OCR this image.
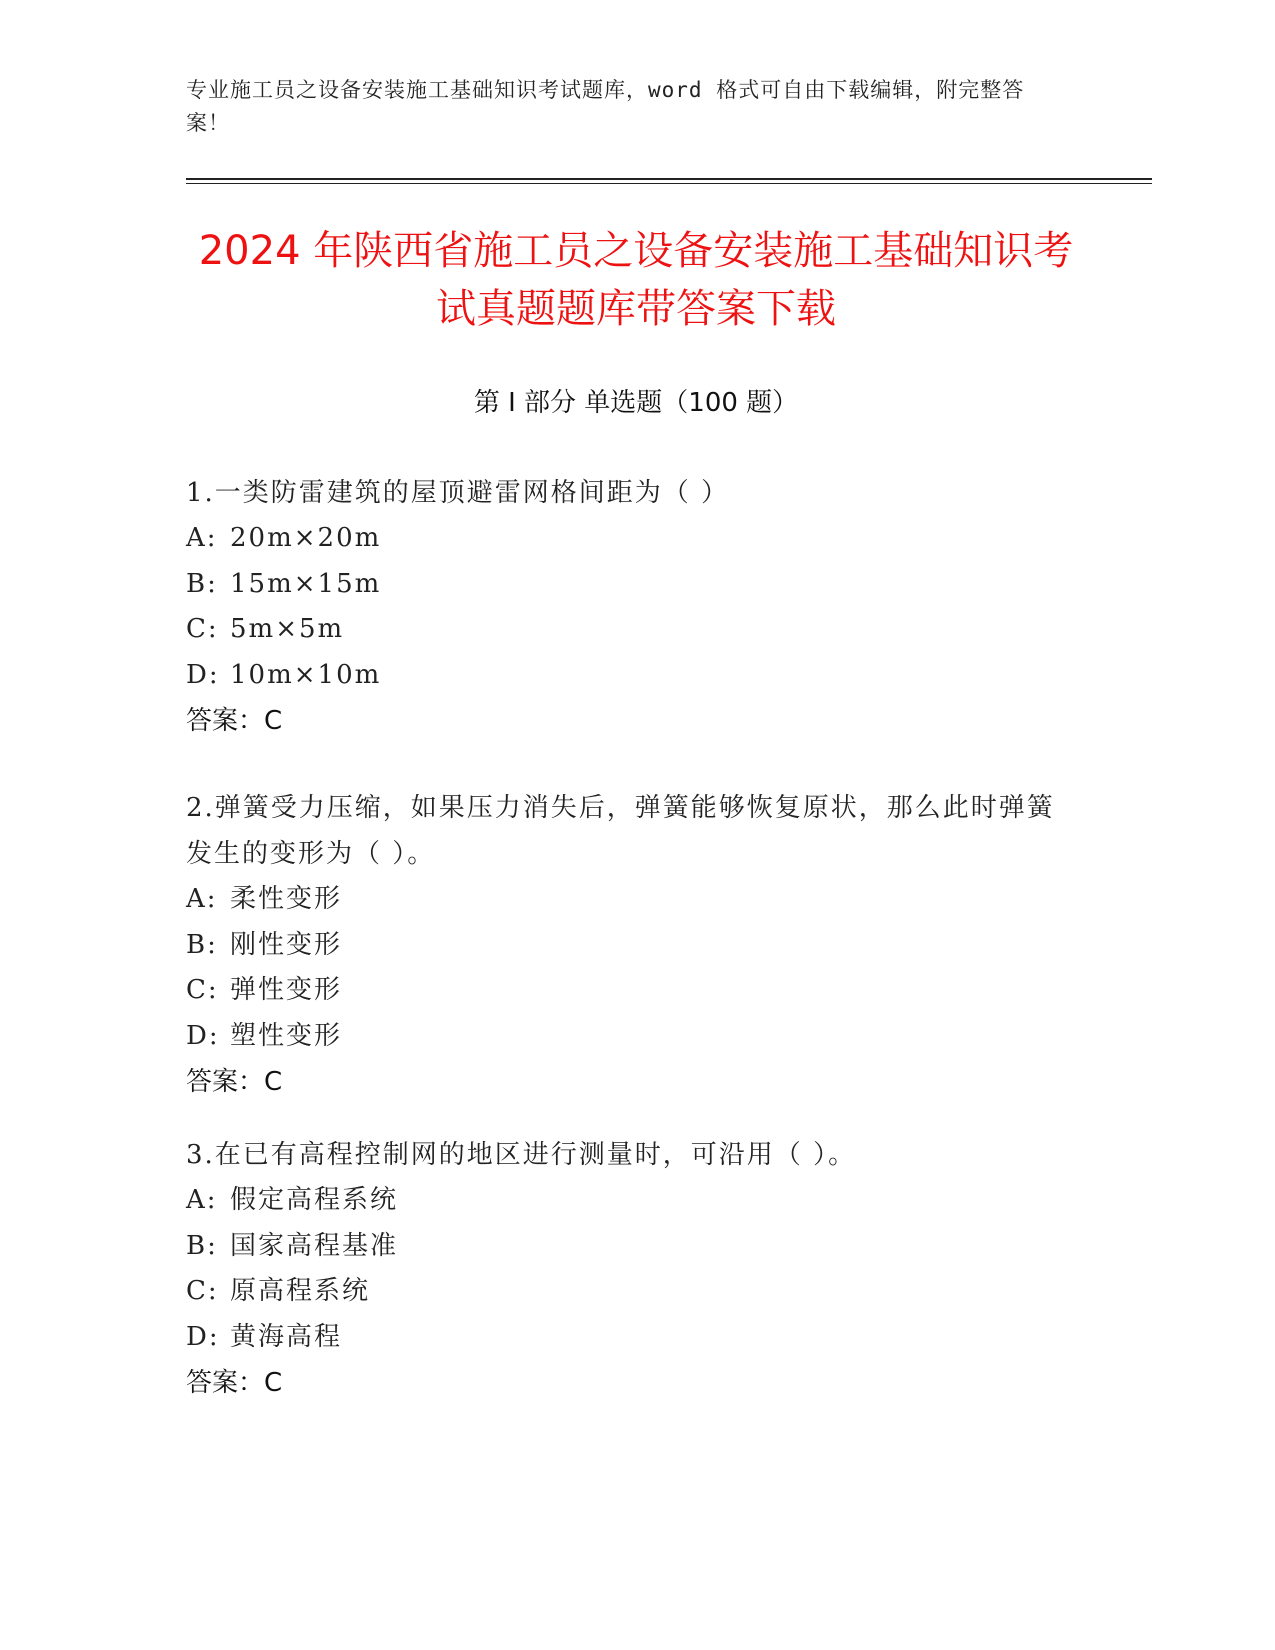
专业施工员之设备安装施工基础知识考试题库，word 格式可自由下载编辑，附完整答案！
2024 年陕西省施工员之设备安装施工基础知识考试真题题库带答案下载
第 I 部分 单选题（100 题）
1.一类防雷建筑的屋顶避雷网格间距为（ ）
A: 20m×20m
B: 15m×15m
C: 5m×5m
D: 10m×10m
答案：C
2.弹簧受力压缩，如果压力消失后，弹簧能够恢复原状，那么此时弹簧发生的变形为（ ）。
A: 柔性变形
B: 刚性变形
C: 弹性变形
D: 塑性变形
答案：C
3.在已有高程控制网的地区进行测量时，可沿用（ ）。
A: 假定高程系统
B: 国家高程基准
C: 原高程系统
D: 黄海高程
答案：C
